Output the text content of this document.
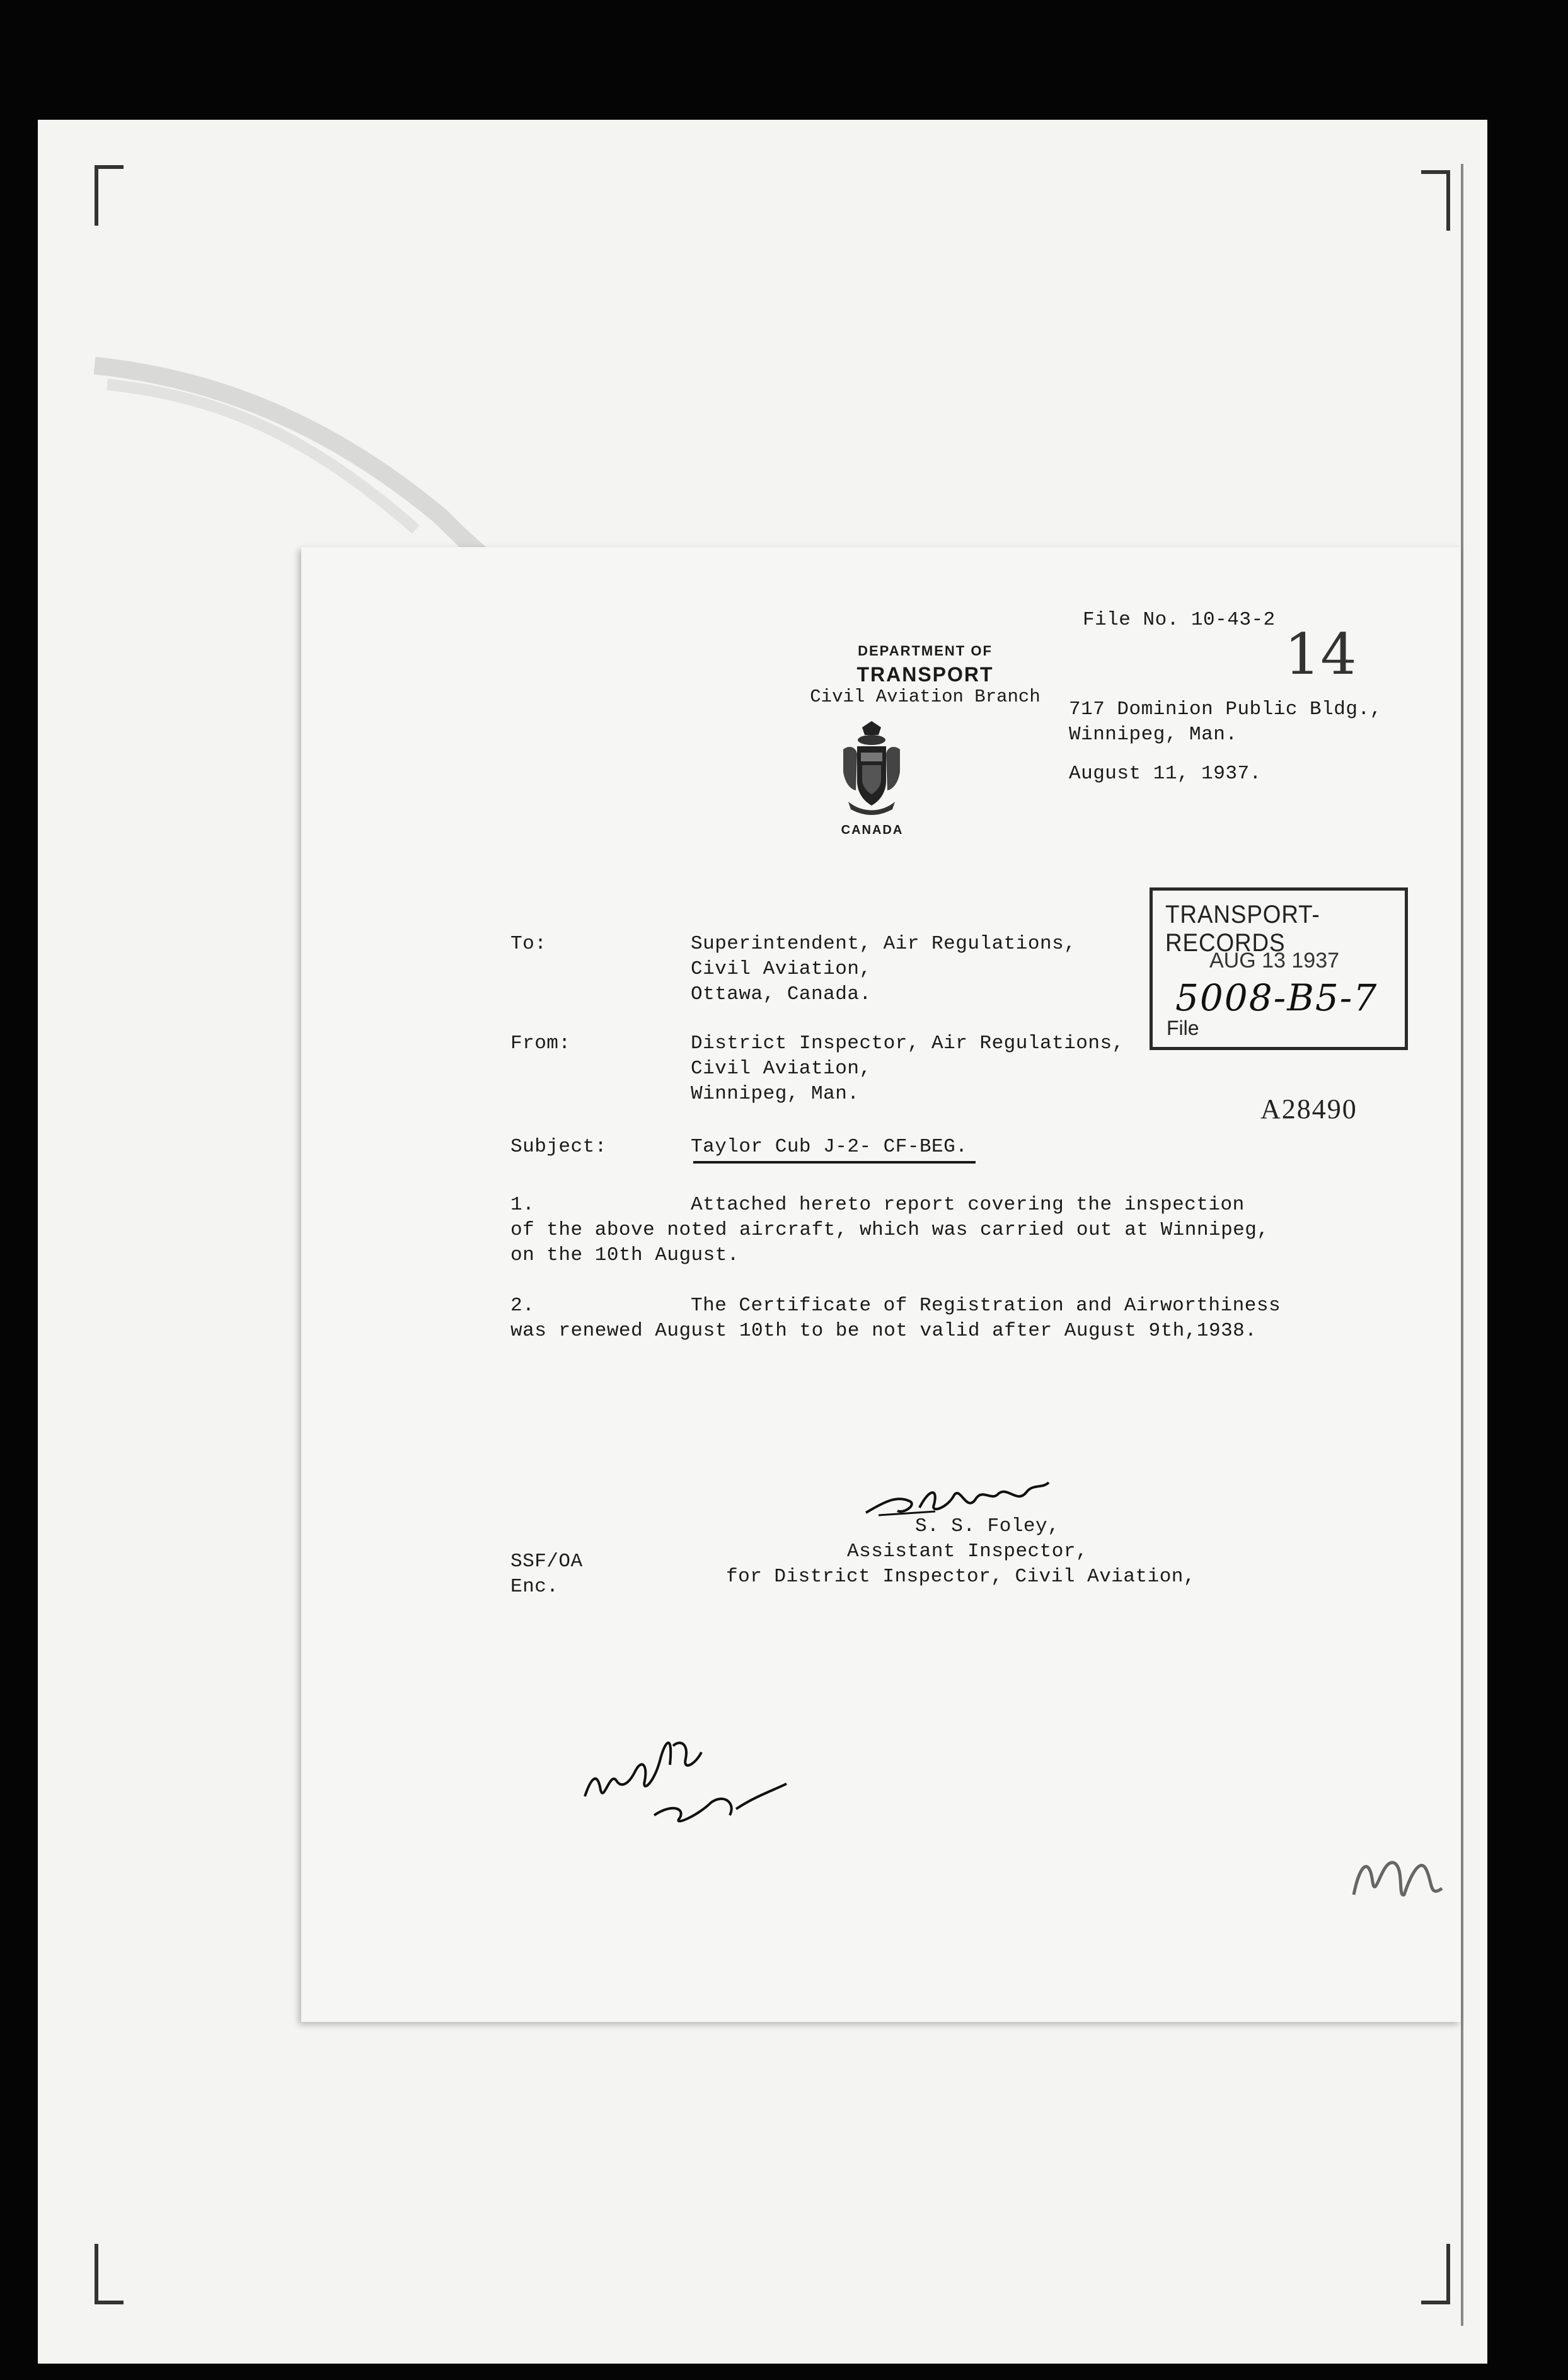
File No. 10-43-2
14
DEPARTMENT OF
TRANSPORT
Civil Aviation Branch
CANADA
717 Dominion Public Bldg.,
Winnipeg, Man.
August 11, 1937.
TRANSPORT-RECORDS
AUG 13 1937
5008-B5-7
File
A28490
To:	Superintendent, Air Regulations,
Civil Aviation,
Ottawa, Canada.
From:	District Inspector, Air Regulations,
Civil Aviation,
Winnipeg, Man.
Subject:	Taylor Cub J-2- CF-BEG.
1.	Attached hereto report covering the inspection
of the above noted aircraft, which was carried out at Winnipeg,
on the 10th August.
2.	The Certificate of Registration and Airworthiness
was renewed August 10th to be not valid after August 9th,1938.
S. S. Foley,
Assistant Inspector,
for District Inspector, Civil Aviation,
SSF/OA
Enc.
